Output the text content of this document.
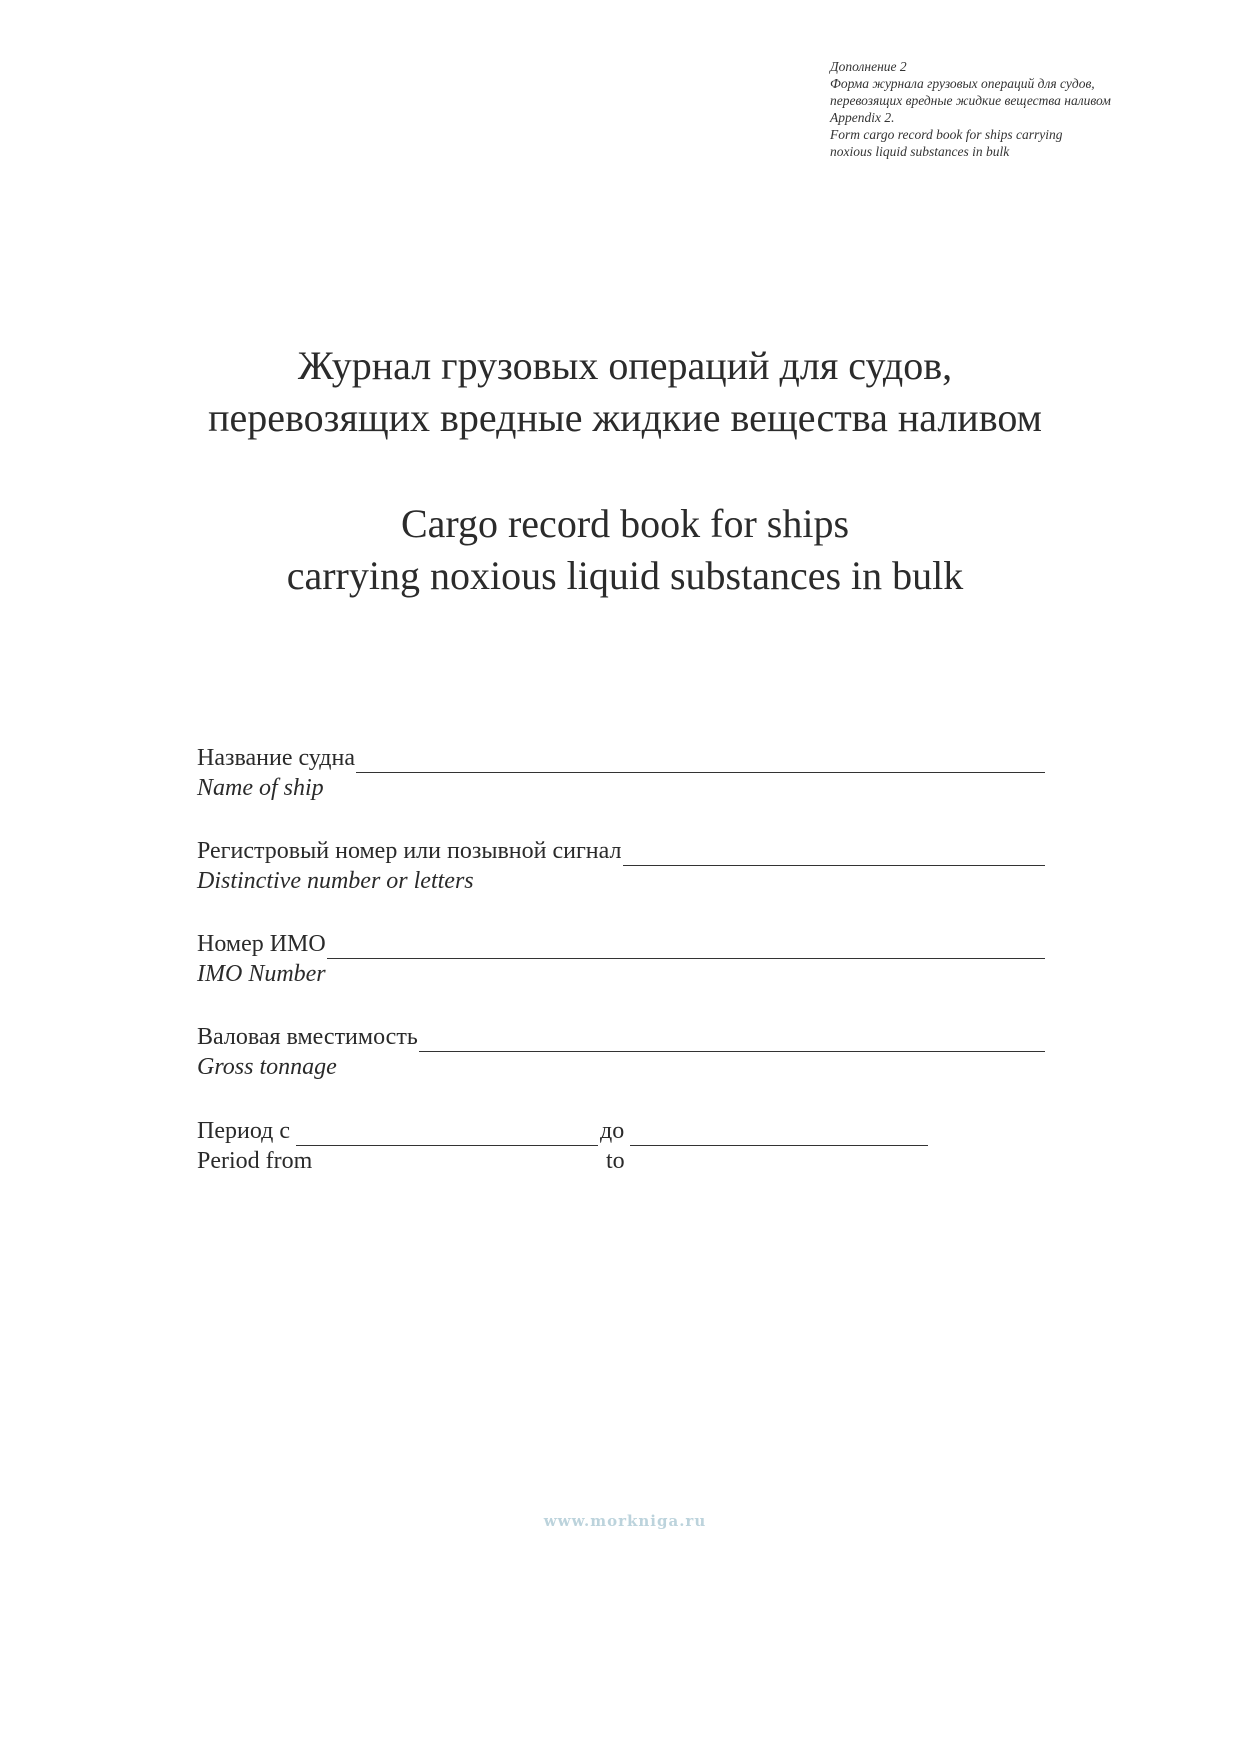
Дополнение 2
Форма журнала грузовых операций для судов,
перевозящих вредные жидкие вещества наливом
Appendix 2.
Form cargo record book for ships carrying
noxious liquid substances in bulk
Журнал грузовых операций для судов,
перевозящих вредные жидкие вещества наливом
Cargo record book for ships
carrying noxious liquid substances in bulk
Название судна
Name of ship
Регистровый номер или позывной сигнал
Distinctive number or letters
Номер ИМО
IMO Number
Валовая вместимость
Gross tonnage
Период с	до
Period from	to
www.morkniga.ru
